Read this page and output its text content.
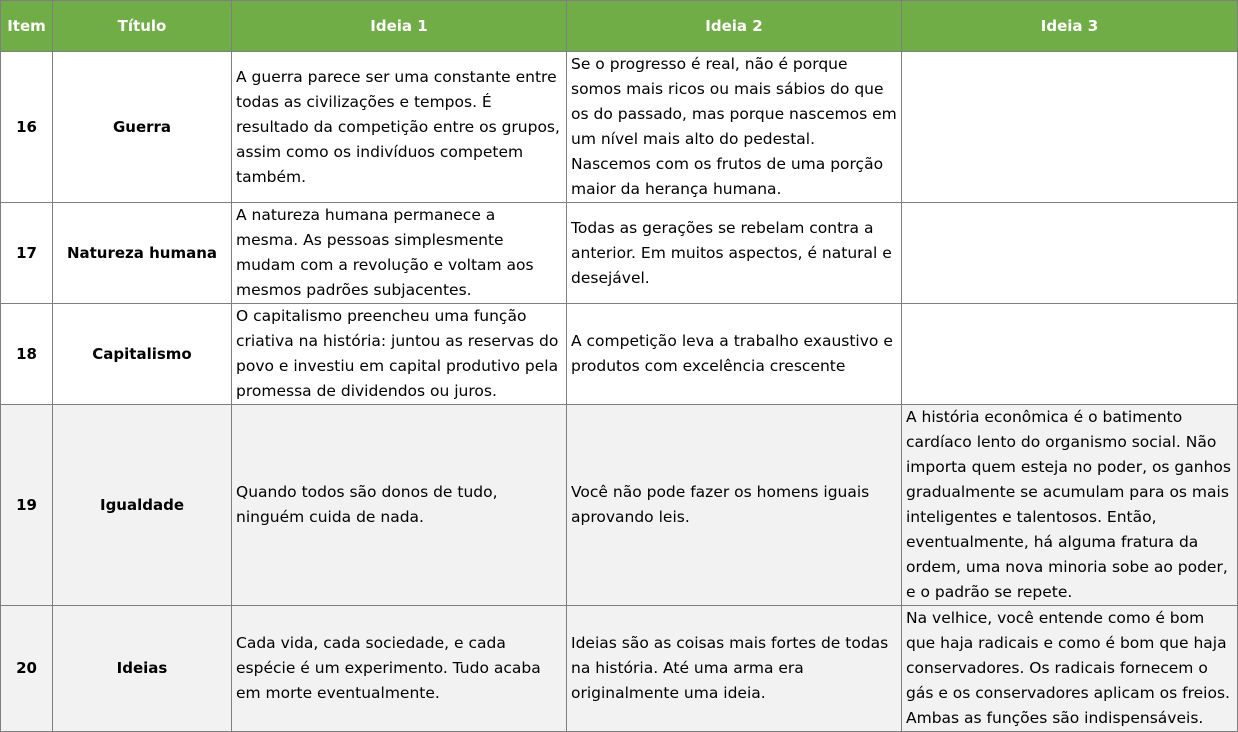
Item	Título	Ideia 1	Ideia 2	Ideia 3
16	Guerra	A guerra parece ser uma constante entre todas as civilizações e tempos. É resultado da competição entre os grupos, assim como os indivíduos competem também.	Se o progresso é real, não é porque somos mais ricos ou mais sábios do que os do passado, mas porque nascemos em um nível mais alto do pedestal. Nascemos com os frutos de uma porção maior da herança humana.	
17	Natureza humana	A natureza humana permanece a mesma. As pessoas simplesmente mudam com a revolução e voltam aos mesmos padrões subjacentes.	Todas as gerações se rebelam contra a anterior. Em muitos aspectos, é natural e desejável.	
18	Capitalismo	O capitalismo preencheu uma função criativa na história: juntou as reservas do povo e investiu em capital produtivo pela promessa de dividendos ou juros.	A competição leva a trabalho exaustivo e produtos com excelência crescente	
19	Igualdade	Quando todos são donos de tudo, ninguém cuida de nada.	Você não pode fazer os homens iguais aprovando leis.	A história econômica é o batimento cardíaco lento do organismo social. Não importa quem esteja no poder, os ganhos gradualmente se acumulam para os mais inteligentes e talentosos. Então, eventualmente, há alguma fratura da ordem, uma nova minoria sobe ao poder, e o padrão se repete.
20	Ideias	Cada vida, cada sociedade, e cada espécie é um experimento. Tudo acaba em morte eventualmente.	Ideias são as coisas mais fortes de todas na história. Até uma arma era originalmente uma ideia.	Na velhice, você entende como é bom que haja radicais e como é bom que haja conservadores. Os radicais fornecem o gás e os conservadores aplicam os freios. Ambas as funções são indispensáveis.
